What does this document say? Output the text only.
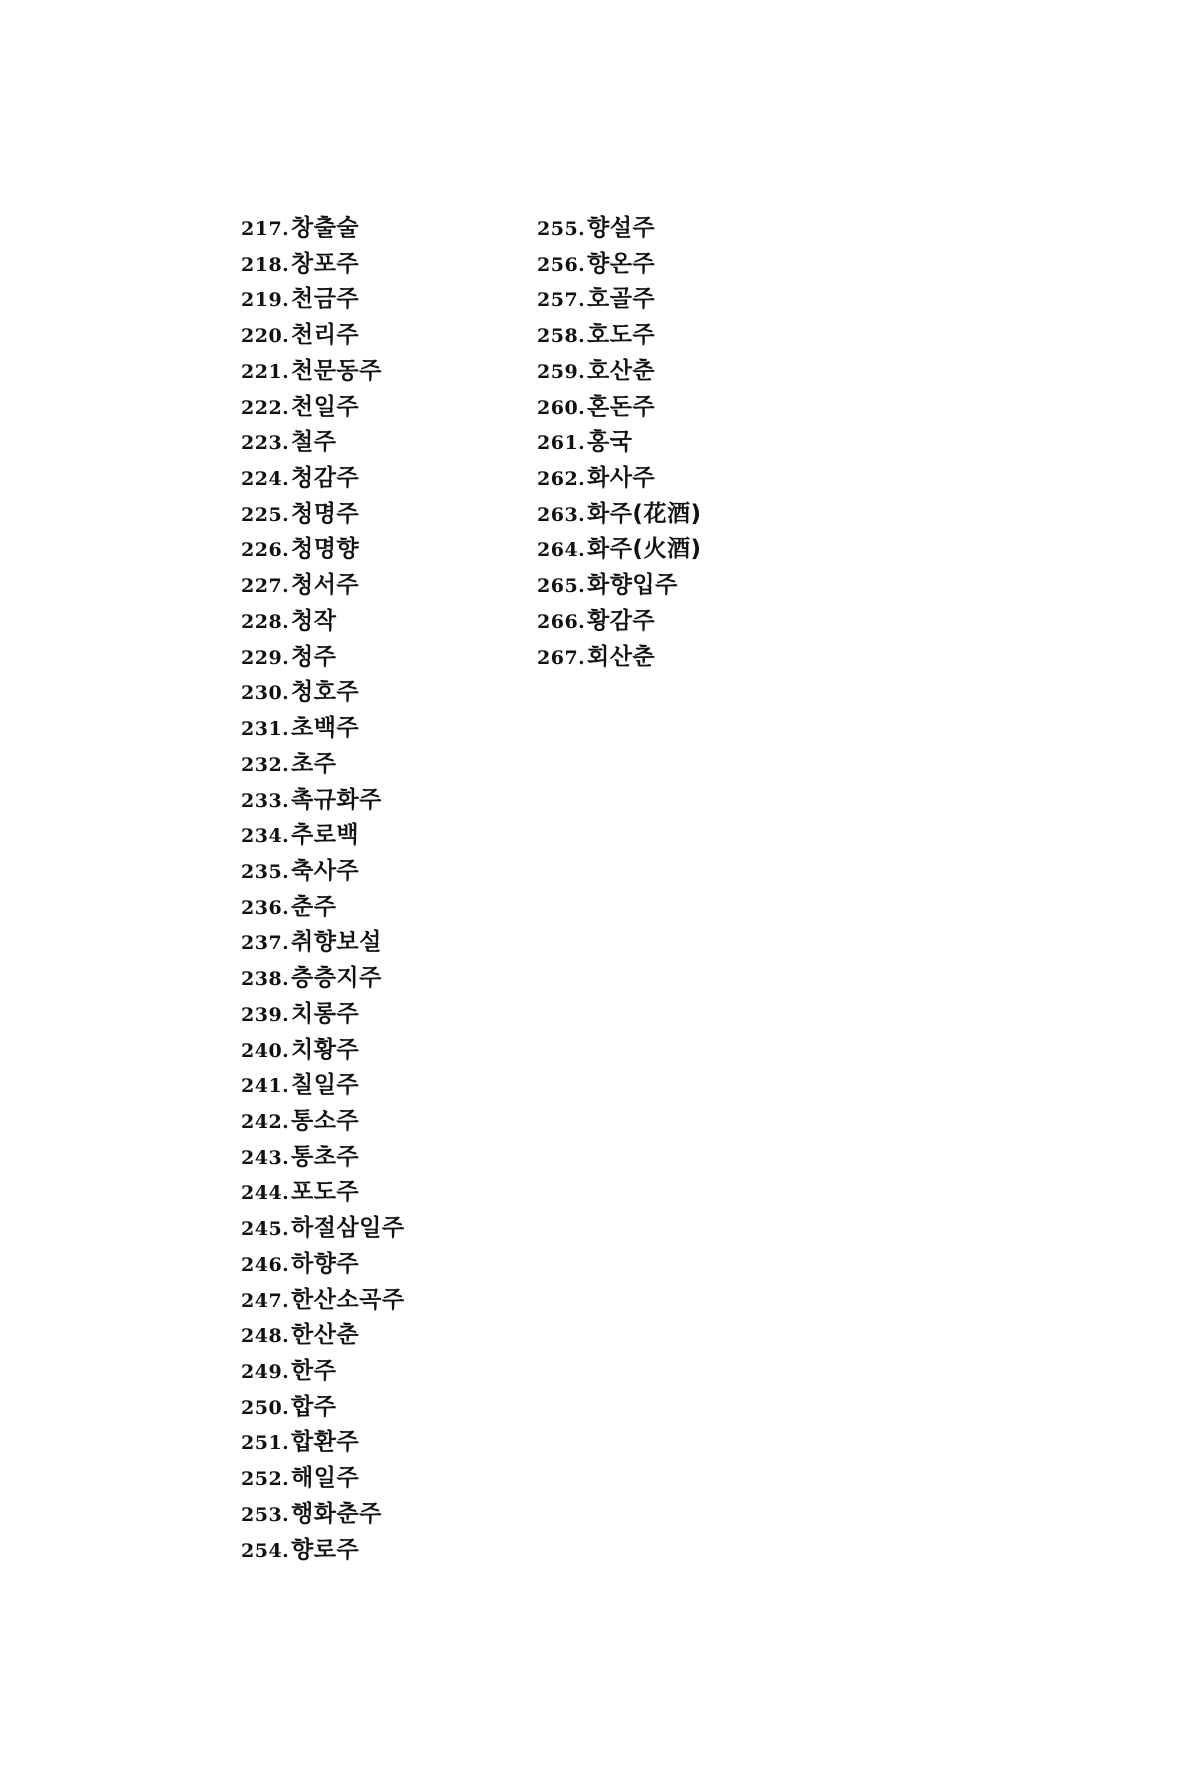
217.창출술
218.창포주
219.천금주
220.천리주
221.천문동주
222.천일주
223.철주
224.청감주
225.청명주
226.청명향
227.청서주
228.청작
229.청주
230.청호주
231.초백주
232.초주
233.촉규화주
234.추로백
235.축사주
236.춘주
237.취향보설
238.층층지주
239.치롱주
240.치황주
241.칠일주
242.통소주
243.통초주
244.포도주
245.하절삼일주
246.하향주
247.한산소곡주
248.한산춘
249.한주
250.합주
251.합환주
252.해일주
253.행화춘주
254.향로주
255.향설주
256.향온주
257.호골주
258.호도주
259.호산춘
260.혼돈주
261.홍국
262.화사주
263.화주(花酒)
264.화주(火酒)
265.화향입주
266.황감주
267.회산춘
